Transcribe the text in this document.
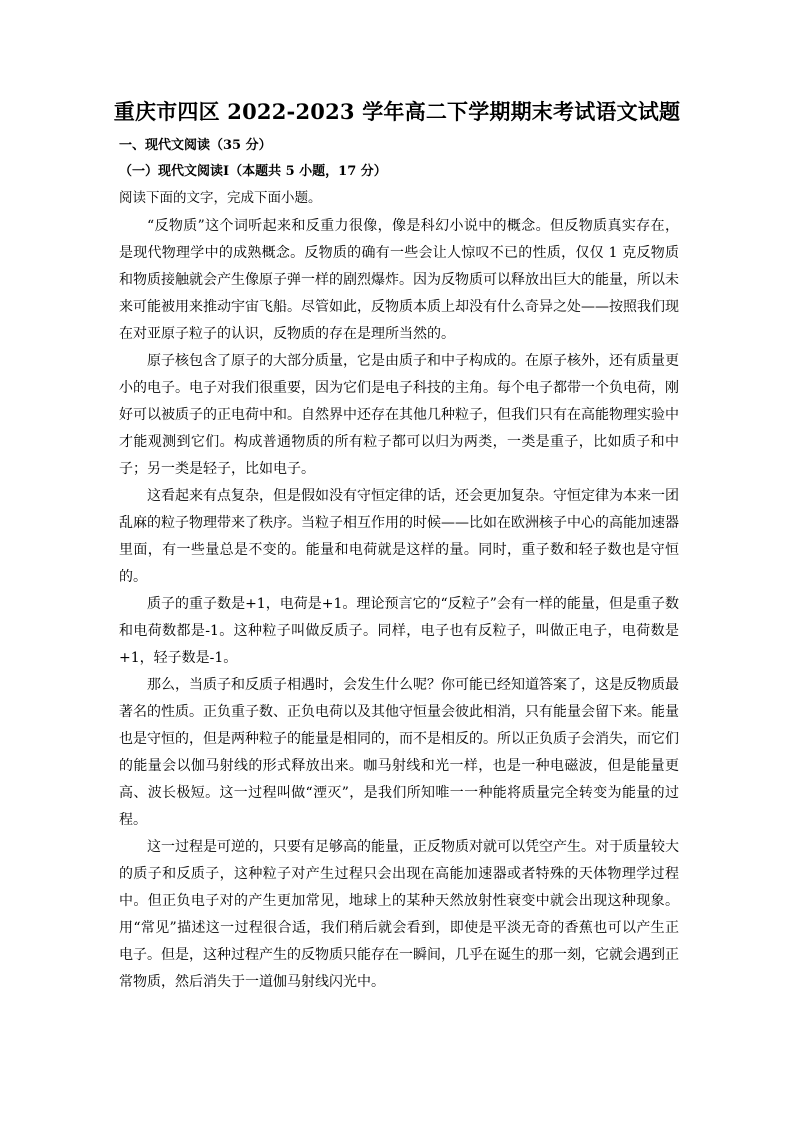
重庆市四区 2022-2023 学年高二下学期期末考试语文试题
一、现代文阅读（35 分）
（一）现代文阅读Ⅰ（本题共 5 小题，17 分）
阅读下面的文字，完成下面小题。

“反物质”这个词听起来和反重力很像，像是科幻小说中的概念。但反物质真实存在，是现代物理学中的成熟概念。反物质的确有一些会让人惊叹不已的性质，仅仅 1 克反物质和物质接触就会产生像原子弹一样的剧烈爆炸。因为反物质可以释放出巨大的能量，所以未来可能被用来推动宇宙飞船。尽管如此，反物质本质上却没有什么奇异之处——按照我们现在对亚原子粒子的认识，反物质的存在是理所当然的。

原子核包含了原子的大部分质量，它是由质子和中子构成的。在原子核外，还有质量更小的电子。电子对我们很重要，因为它们是电子科技的主角。每个电子都带一个负电荷，刚好可以被质子的正电荷中和。自然界中还存在其他几种粒子，但我们只有在高能物理实验中才能观测到它们。构成普通物质的所有粒子都可以归为两类，一类是重子，比如质子和中子；另一类是轻子，比如电子。

这看起来有点复杂，但是假如没有守恒定律的话，还会更加复杂。守恒定律为本来一团乱麻的粒子物理带来了秩序。当粒子相互作用的时候——比如在欧洲核子中心的高能加速器里面，有一些量总是不变的。能量和电荷就是这样的量。同时，重子数和轻子数也是守恒的。

质子的重子数是+1，电荷是+1。理论预言它的“反粒子”会有一样的能量，但是重子数和电荷数都是-1。这种粒子叫做反质子。同样，电子也有反粒子，叫做正电子，电荷数是+1，轻子数是-1。

那么，当质子和反质子相遇时，会发生什么呢？你可能已经知道答案了，这是反物质最著名的性质。正负重子数、正负电荷以及其他守恒量会彼此相消，只有能量会留下来。能量也是守恒的，但是两种粒子的能量是相同的，而不是相反的。所以正负质子会消失，而它们的能量会以伽马射线的形式释放出来。咖马射线和光一样，也是一种电磁波，但是能量更高、波长极短。这一过程叫做“湮灭”，是我们所知唯一一种能将质量完全转变为能量的过程。

这一过程是可逆的，只要有足够高的能量，正反物质对就可以凭空产生。对于质量较大的质子和反质子，这种粒子对产生过程只会出现在高能加速器或者特殊的天体物理学过程中。但正负电子对的产生更加常见，地球上的某种天然放射性衰变中就会出现这种现象。用“常见”描述这一过程很合适，我们稍后就会看到，即使是平淡无奇的香蕉也可以产生正电子。但是，这种过程产生的反物质只能存在一瞬间，几乎在诞生的那一刻，它就会遇到正常物质，然后消失于一道伽马射线闪光中。
